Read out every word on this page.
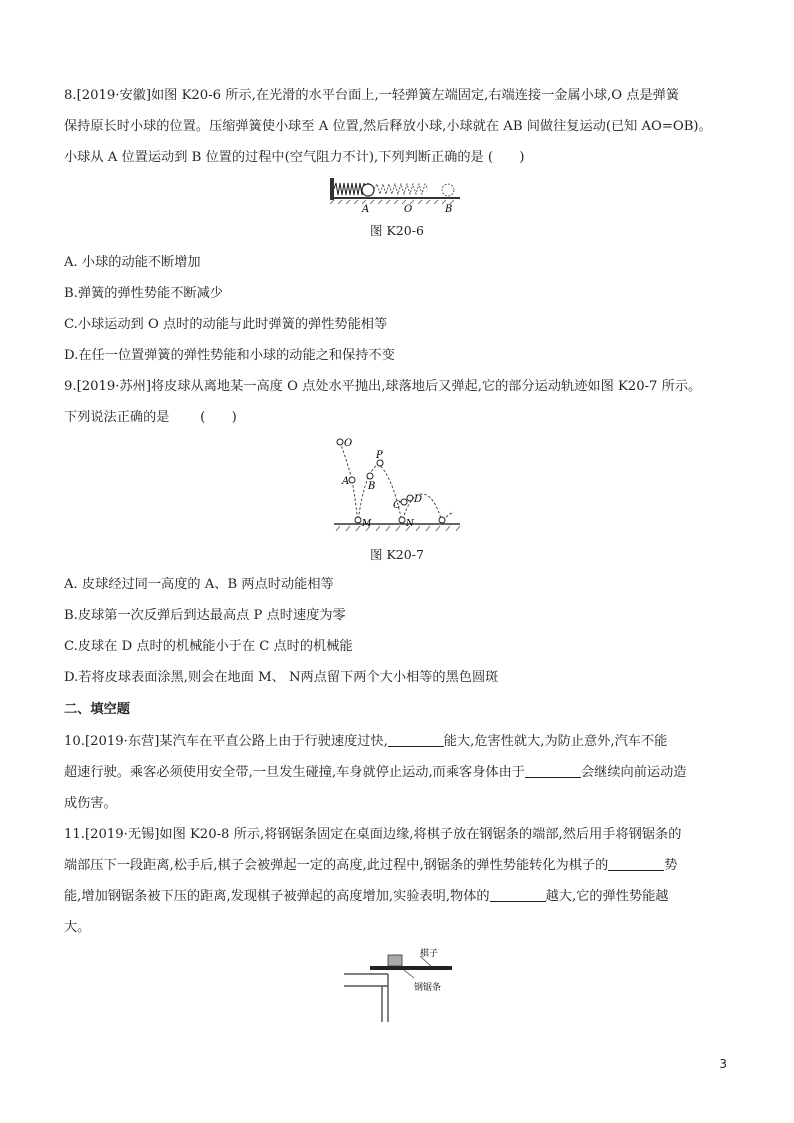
8.[2019·安徽]如图 K20-6 所示,在光滑的水平台面上,一轻弹簧左端固定,右端连接一金属小球,O 点是弹簧
保持原长时小球的位置。压缩弹簧使小球至 A 位置,然后释放小球,小球就在 AB 间做往复运动(已知 AO=OB)。
小球从 A 位置运动到 B 位置的过程中(空气阻力不计),下列判断正确的是 (　　)
A	O	B
图 K20-6
A. 小球的动能不断增加
B.弹簧的弹性势能不断减少
C.小球运动到 O 点时的动能与此时弹簧的弹性势能相等
D.在任一位置弹簧的弹性势能和小球的动能之和保持不变
9.[2019·苏州]将皮球从离地某一高度 O 点处水平抛出,球落地后又弹起,它的部分运动轨迹如图 K20-7 所示。
下列说法正确的是　　 (　　)
O
A B
P
C
D
M	N
图 K20-7
A. 皮球经过同一高度的 A、B 两点时动能相等
B.皮球第一次反弹后到达最高点 P 点时速度为零
C.皮球在 D 点时的机械能小于在 C 点时的机械能
D.若将皮球表面涂黑,则会在地面 M、 N两点留下两个大小相等的黑色圆斑
二、填空题
10.[2019·东营]某汽车在平直公路上由于行驶速度过快,	能大,危害性就大,为防止意外,汽车不能
超速行驶。乘客必须使用安全带,一旦发生碰撞,车身就停止运动,而乘客身体由于	会继续向前运动造
成伤害。
11.[2019·无锡]如图 K20-8 所示,将钢锯条固定在桌面边缘,将棋子放在钢锯条的端部,然后用手将钢锯条的
端部压下一段距离,松手后,棋子会被弹起一定的高度,此过程中,钢锯条的弹性势能转化为棋子的	势
能,增加钢锯条被下压的距离,发现棋子被弹起的高度增加,实验表明,物体的	越大,它的弹性势能越
大。
棋子
钢锯条
3
